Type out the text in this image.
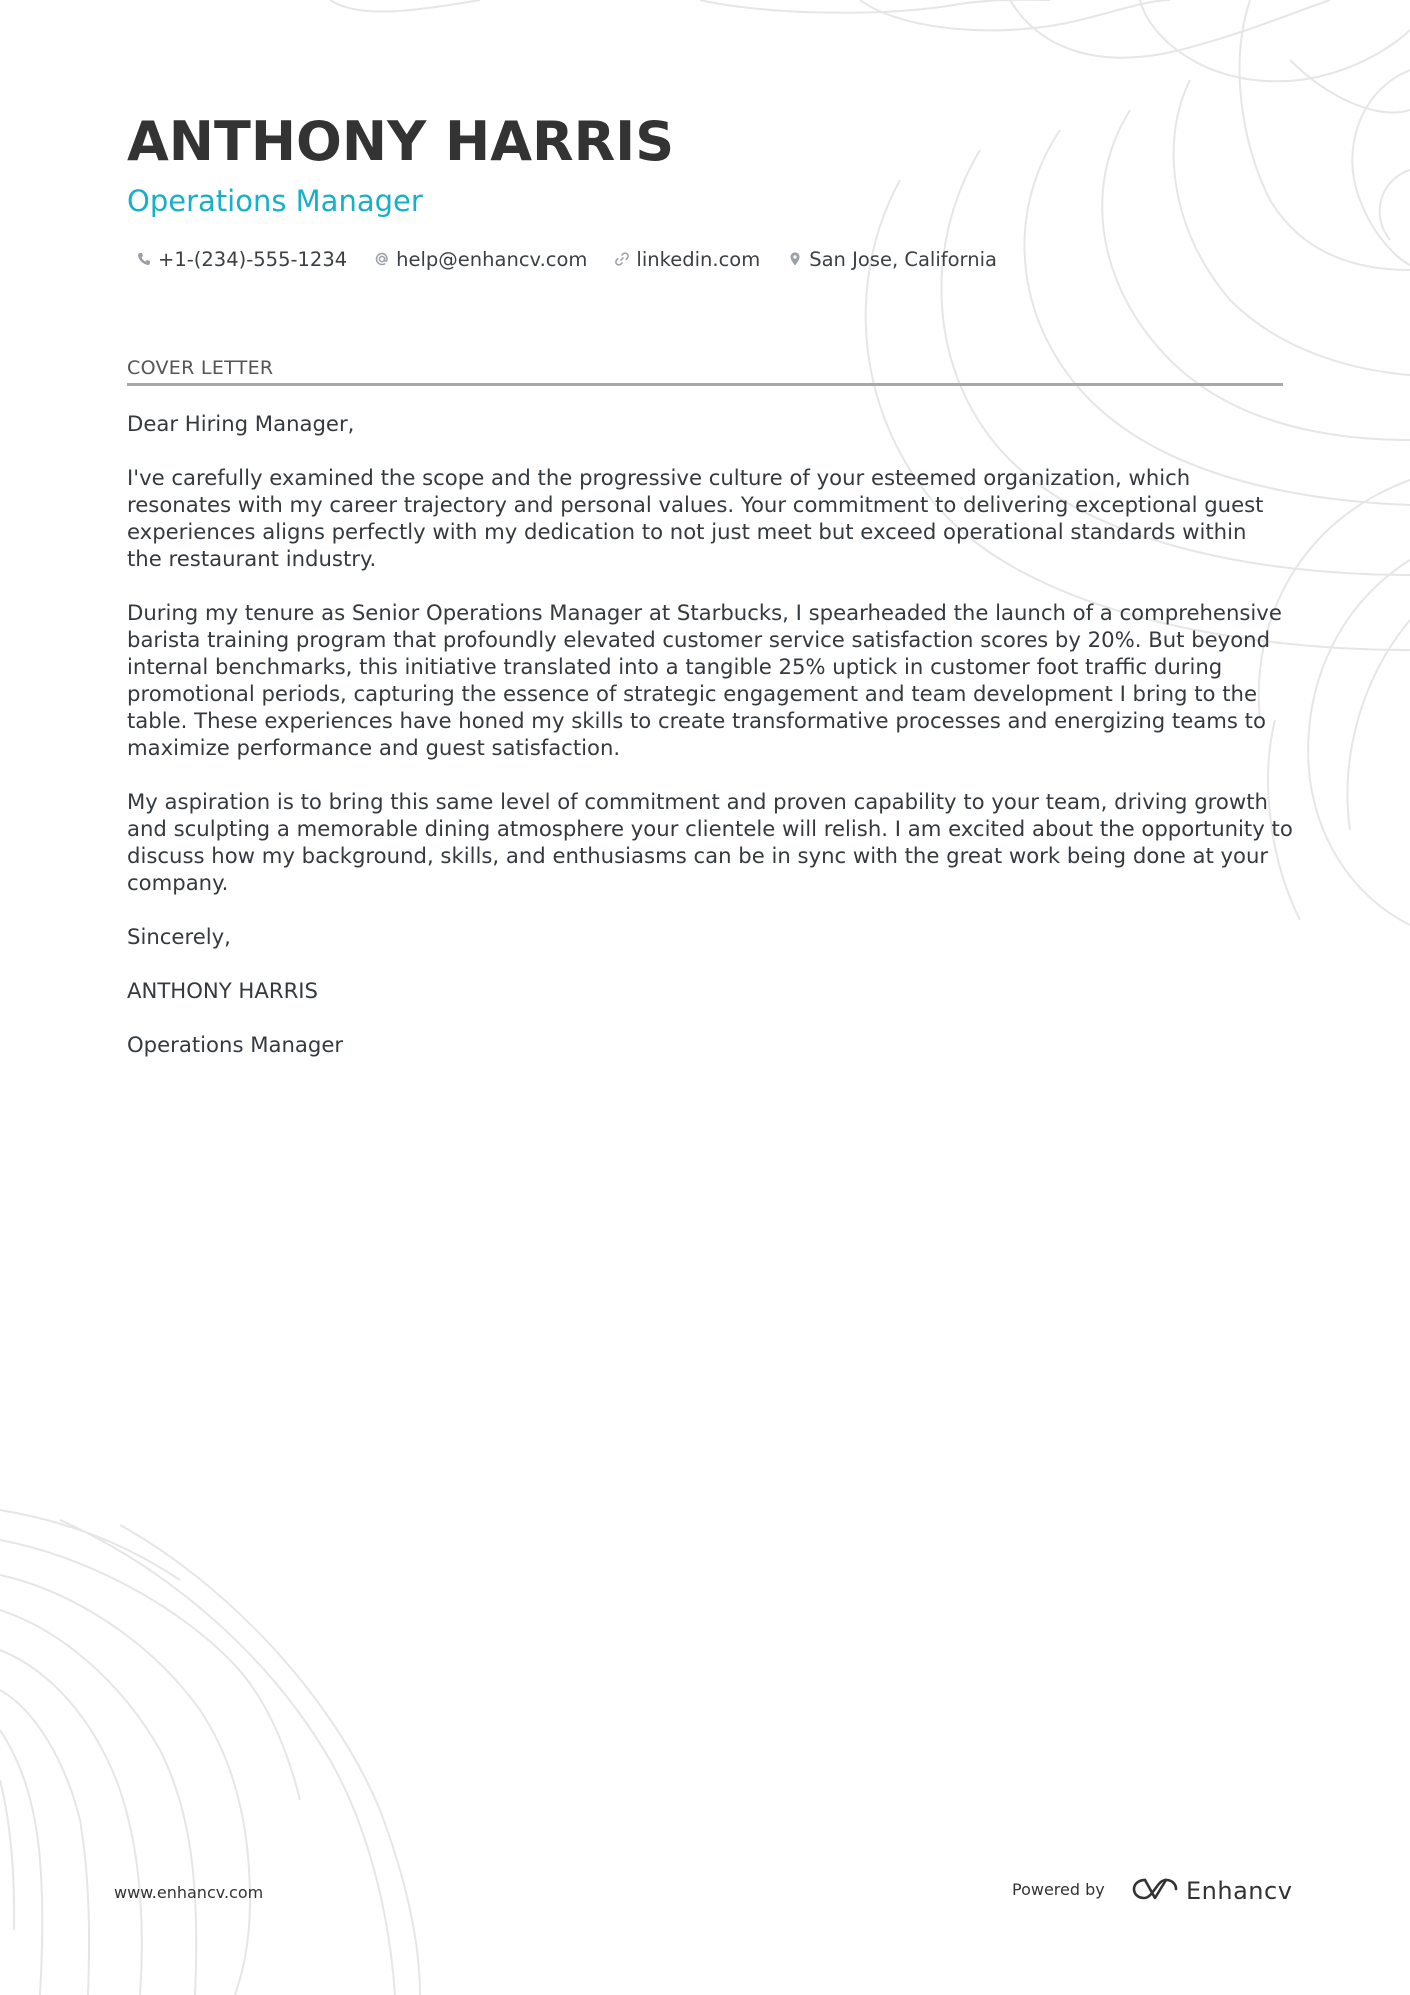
ANTHONY HARRIS
Operations Manager
+1-(234)-555-1234	help@enhancv.com	linkedin.com	San Jose, California
COVER LETTER

Dear Hiring Manager,

I've carefully examined the scope and the progressive culture of your esteemed organization, which
resonates with my career trajectory and personal values. Your commitment to delivering exceptional guest
experiences aligns perfectly with my dedication to not just meet but exceed operational standards within
the restaurant industry.

During my tenure as Senior Operations Manager at Starbucks, I spearheaded the launch of a comprehensive
barista training program that profoundly elevated customer service satisfaction scores by 20%. But beyond
internal benchmarks, this initiative translated into a tangible 25% uptick in customer foot traffic during
promotional periods, capturing the essence of strategic engagement and team development I bring to the
table. These experiences have honed my skills to create transformative processes and energizing teams to
maximize performance and guest satisfaction.

My aspiration is to bring this same level of commitment and proven capability to your team, driving growth
and sculpting a memorable dining atmosphere your clientele will relish. I am excited about the opportunity to
discuss how my background, skills, and enthusiasms can be in sync with the great work being done at your
company.

Sincerely,

ANTHONY HARRIS

Operations Manager

www.enhancv.com	Powered by	Enhancv
